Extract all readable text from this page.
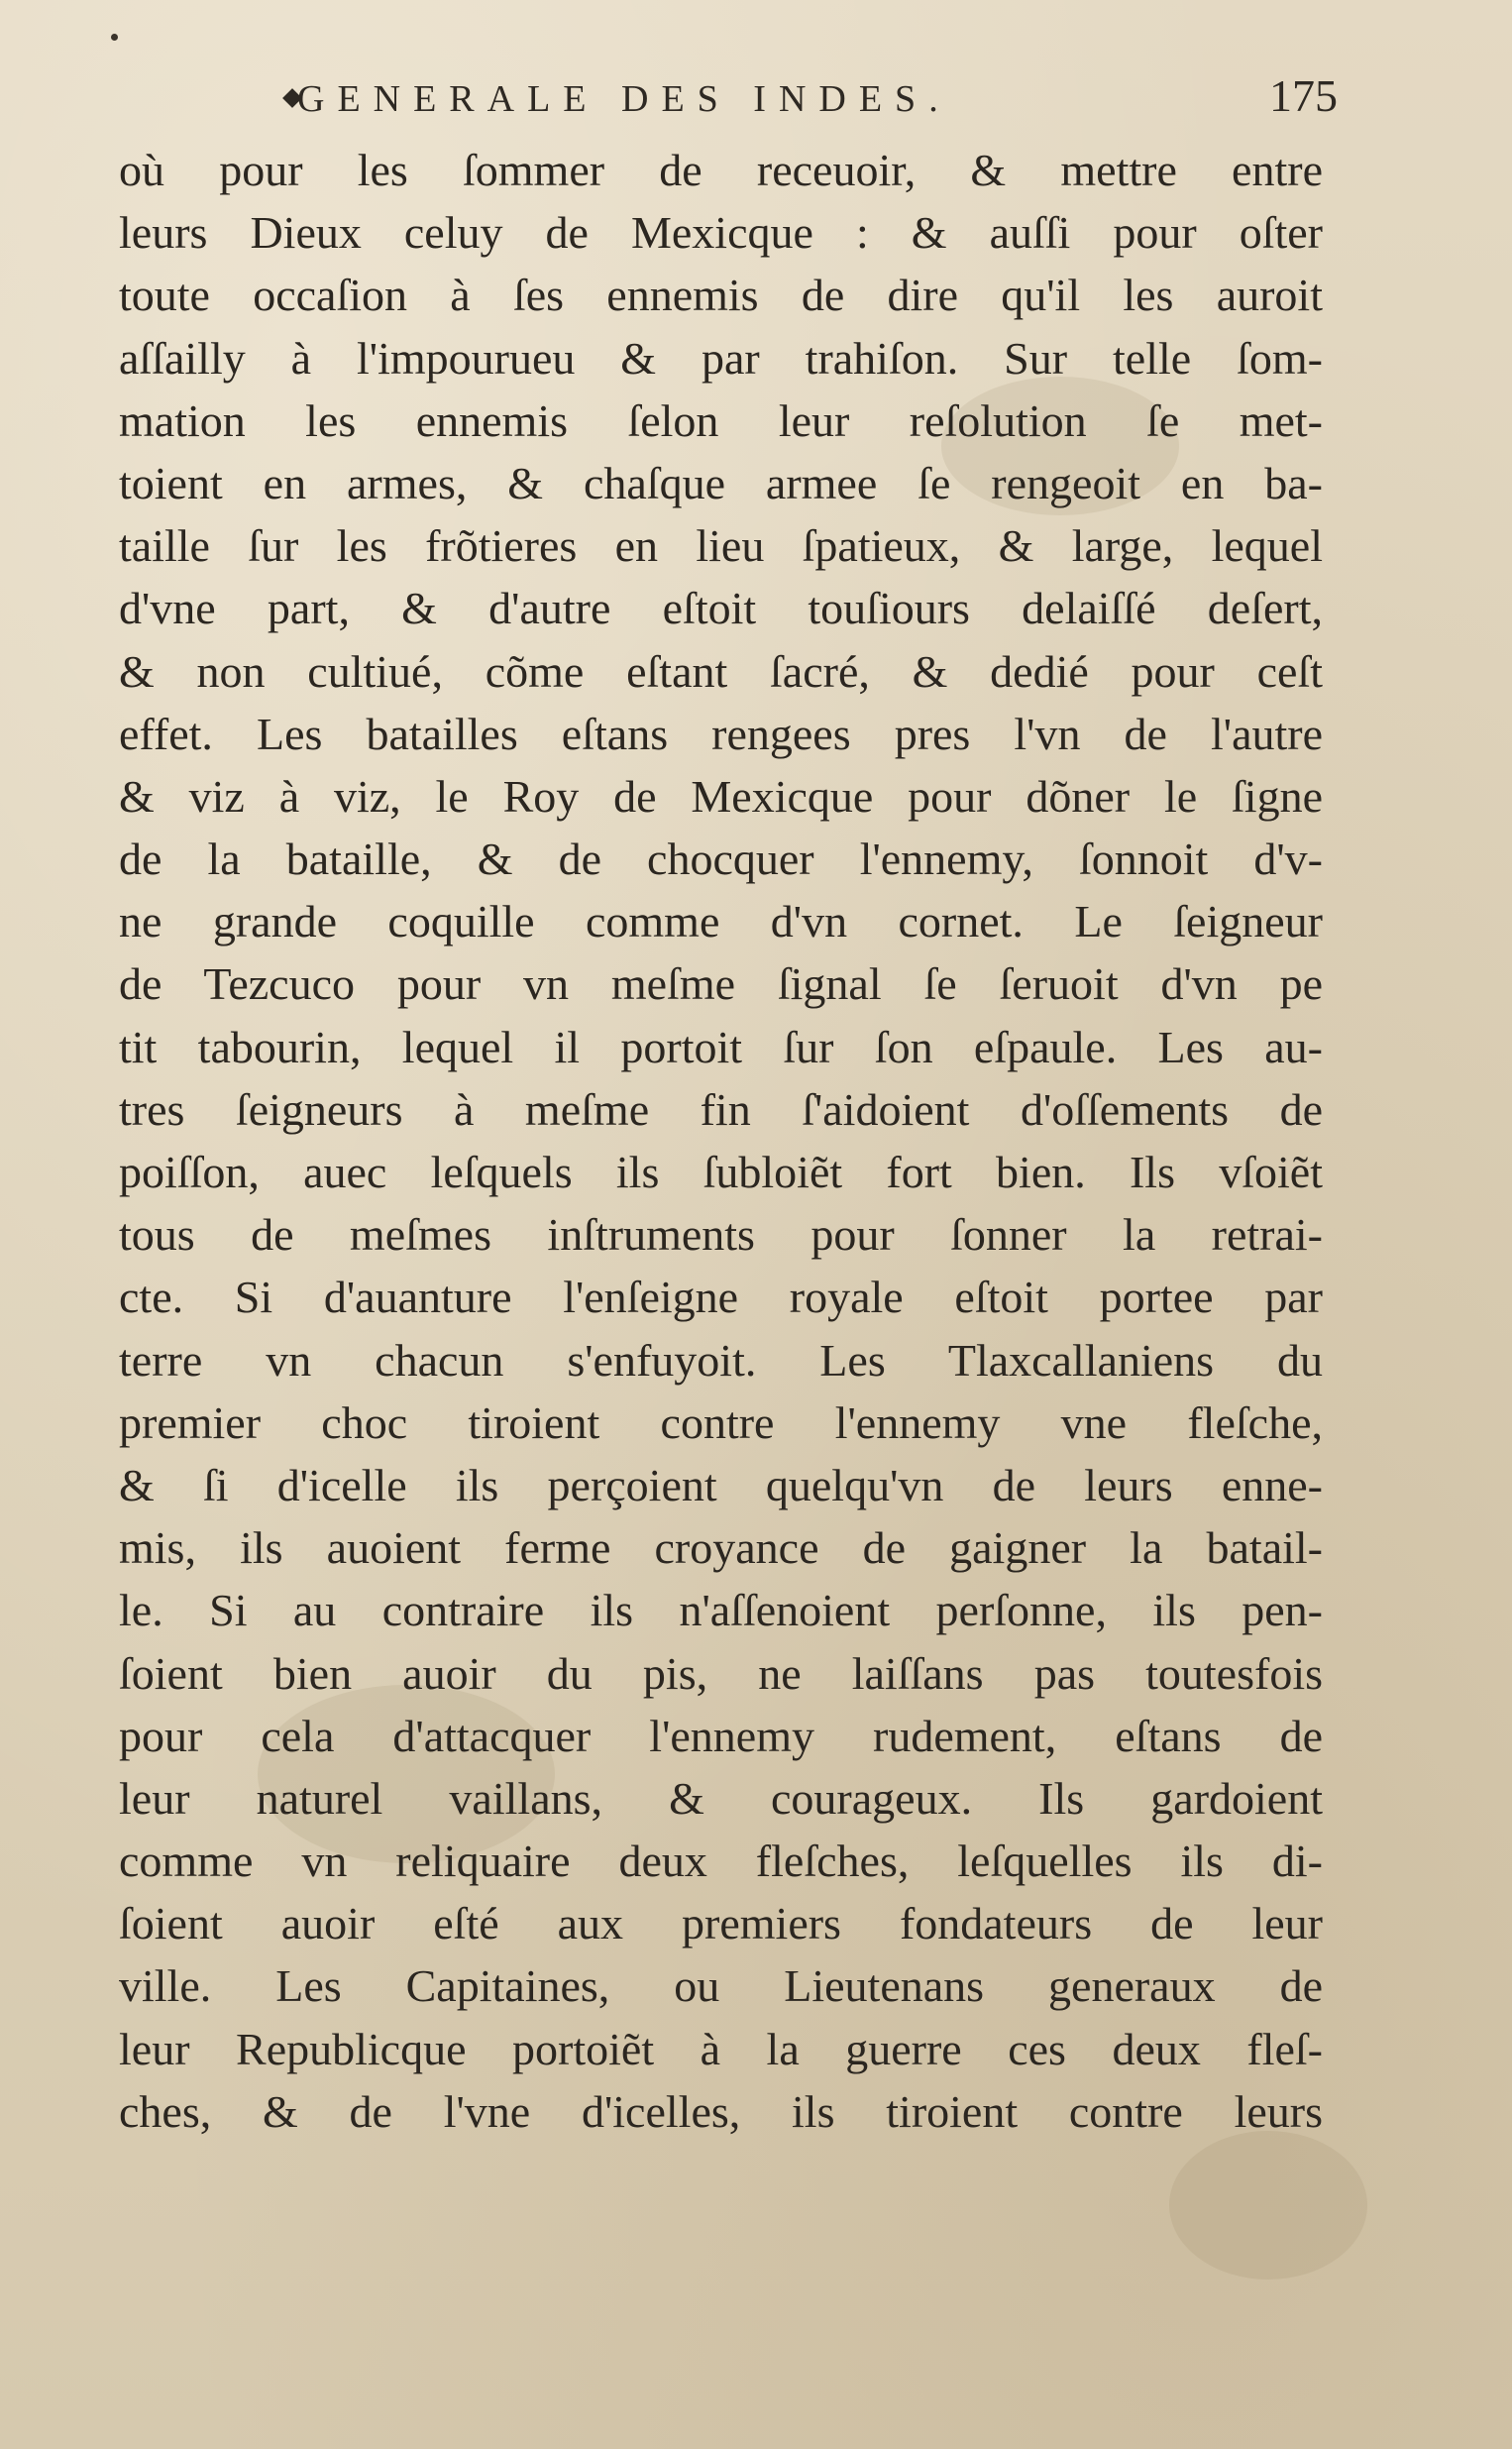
GENERALE DES INDES.	175
où pour les ſommer de receuoir, & mettre entre
leurs Dieux celuy de Mexicque : & auſſi pour oſter
toute occaſion à ſes ennemis de dire qu'il les auroit
aſſailly à l'impourueu & par trahiſon. Sur telle ſom-
mation les ennemis ſelon leur reſolution ſe met-
toient en armes, & chaſque armee ſe rengeoit en ba-
taille ſur les frõtieres en lieu ſpatieux, & large, lequel
d'vne part, & d'autre eſtoit touſiours delaiſſé deſert,
& non cultiué, cõme eſtant ſacré, & dedié pour ceſt
effet. Les batailles eſtans rengees pres l'vn de l'autre
& viz à viz, le Roy de Mexicque pour dõner le ſigne
de la bataille, & de chocquer l'ennemy, ſonnoit d'v-
ne grande coquille comme d'vn cornet. Le ſeigneur
de Tezcuco pour vn meſme ſignal ſe ſeruoit d'vn pe
tit tabourin, lequel il portoit ſur ſon eſpaule. Les au-
tres ſeigneurs à meſme fin ſ'aidoient d'oſſements de
poiſſon, auec leſquels ils ſubloiẽt fort bien. Ils vſoiẽt
tous de meſmes inſtruments pour ſonner la retrai-
cte. Si d'auanture l'enſeigne royale eſtoit portee par
terre vn chacun s'enfuyoit. Les Tlaxcallaniens du
premier choc tiroient contre l'ennemy vne fleſche,
& ſi d'icelle ils perçoient quelqu'vn de leurs enne-
mis, ils auoient ferme croyance de gaigner la batail-
le. Si au contraire ils n'aſſenoient perſonne, ils pen-
ſoient bien auoir du pis, ne laiſſans pas toutesfois
pour cela d'attacquer l'ennemy rudement, eſtans de
leur naturel vaillans, & courageux. Ils gardoient
comme vn reliquaire deux fleſches, leſquelles ils di-
ſoient auoir eſté aux premiers fondateurs de leur
ville. Les Capitaines, ou Lieutenans generaux de
leur Republicque portoiẽt à la guerre ces deux fleſ-
ches, & de l'vne d'icelles, ils tiroient contre leurs
